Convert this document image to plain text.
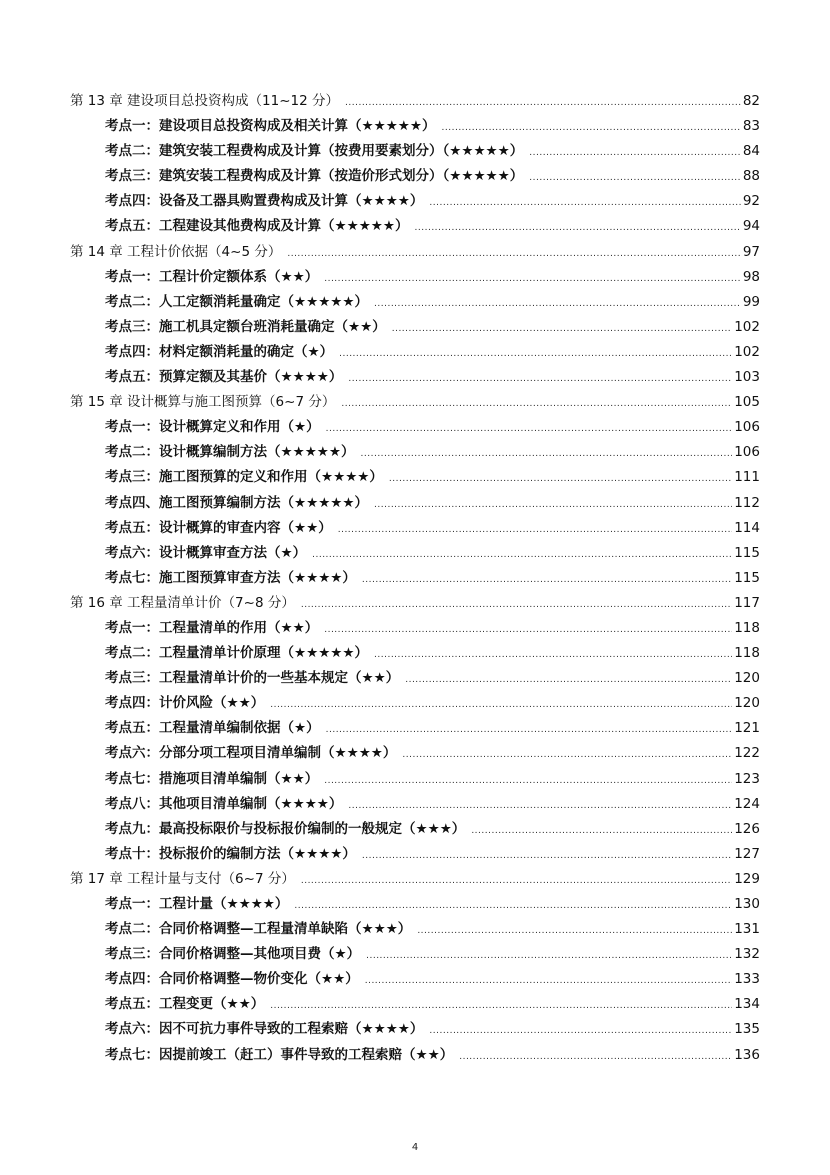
第 13 章 建设项目总投资构成（11~12 分） .....	82
考点一：建设项目总投资构成及相关计算（★★★★★） .....	83
考点二：建筑安装工程费构成及计算（按费用要素划分）（★★★★★） .....	84
考点三：建筑安装工程费构成及计算（按造价形式划分）（★★★★★） .....	88
考点四：设备及工器具购置费构成及计算（★★★★） .....	92
考点五：工程建设其他费构成及计算（★★★★★） .....	94
第 14 章 工程计价依据（4~5 分） .....	97
考点一：工程计价定额体系（★★） .....	98
考点二：人工定额消耗量确定（★★★★★） .....	99
考点三：施工机具定额台班消耗量确定（★★） .....	102
考点四：材料定额消耗量的确定（★） .....	102
考点五：预算定额及其基价（★★★★） .....	103
第 15 章 设计概算与施工图预算（6~7 分） .....	105
考点一：设计概算定义和作用（★） .....	106
考点二：设计概算编制方法（★★★★★） .....	106
考点三：施工图预算的定义和作用（★★★★） .....	111
考点四、施工图预算编制方法（★★★★★） .....	112
考点五：设计概算的审查内容（★★） .....	114
考点六：设计概算审查方法（★） .....	115
考点七：施工图预算审查方法（★★★★） .....	115
第 16 章 工程量清单计价（7~8 分） .....	117
考点一：工程量清单的作用（★★） .....	118
考点二：工程量清单计价原理（★★★★★） .....	118
考点三：工程量清单计价的一些基本规定（★★） .....	120
考点四：计价风险（★★） .....	120
考点五：工程量清单编制依据（★） .....	121
考点六：分部分项工程项目清单编制（★★★★） .....	122
考点七：措施项目清单编制（★★） .....	123
考点八：其他项目清单编制（★★★★） .....	124
考点九：最高投标限价与投标报价编制的一般规定（★★★） .....	126
考点十：投标报价的编制方法（★★★★） .....	127
第 17 章 工程计量与支付（6~7 分） .....	129
考点一：工程计量（★★★★） .....	130
考点二：合同价格调整—工程量清单缺陷（★★★） .....	131
考点三：合同价格调整—其他项目费（★） .....	132
考点四：合同价格调整—物价变化（★★） .....	133
考点五：工程变更（★★） .....	134
考点六：因不可抗力事件导致的工程索赔（★★★★） .....	135
考点七：因提前竣工（赶工）事件导致的工程索赔（★★） .....	136
4
